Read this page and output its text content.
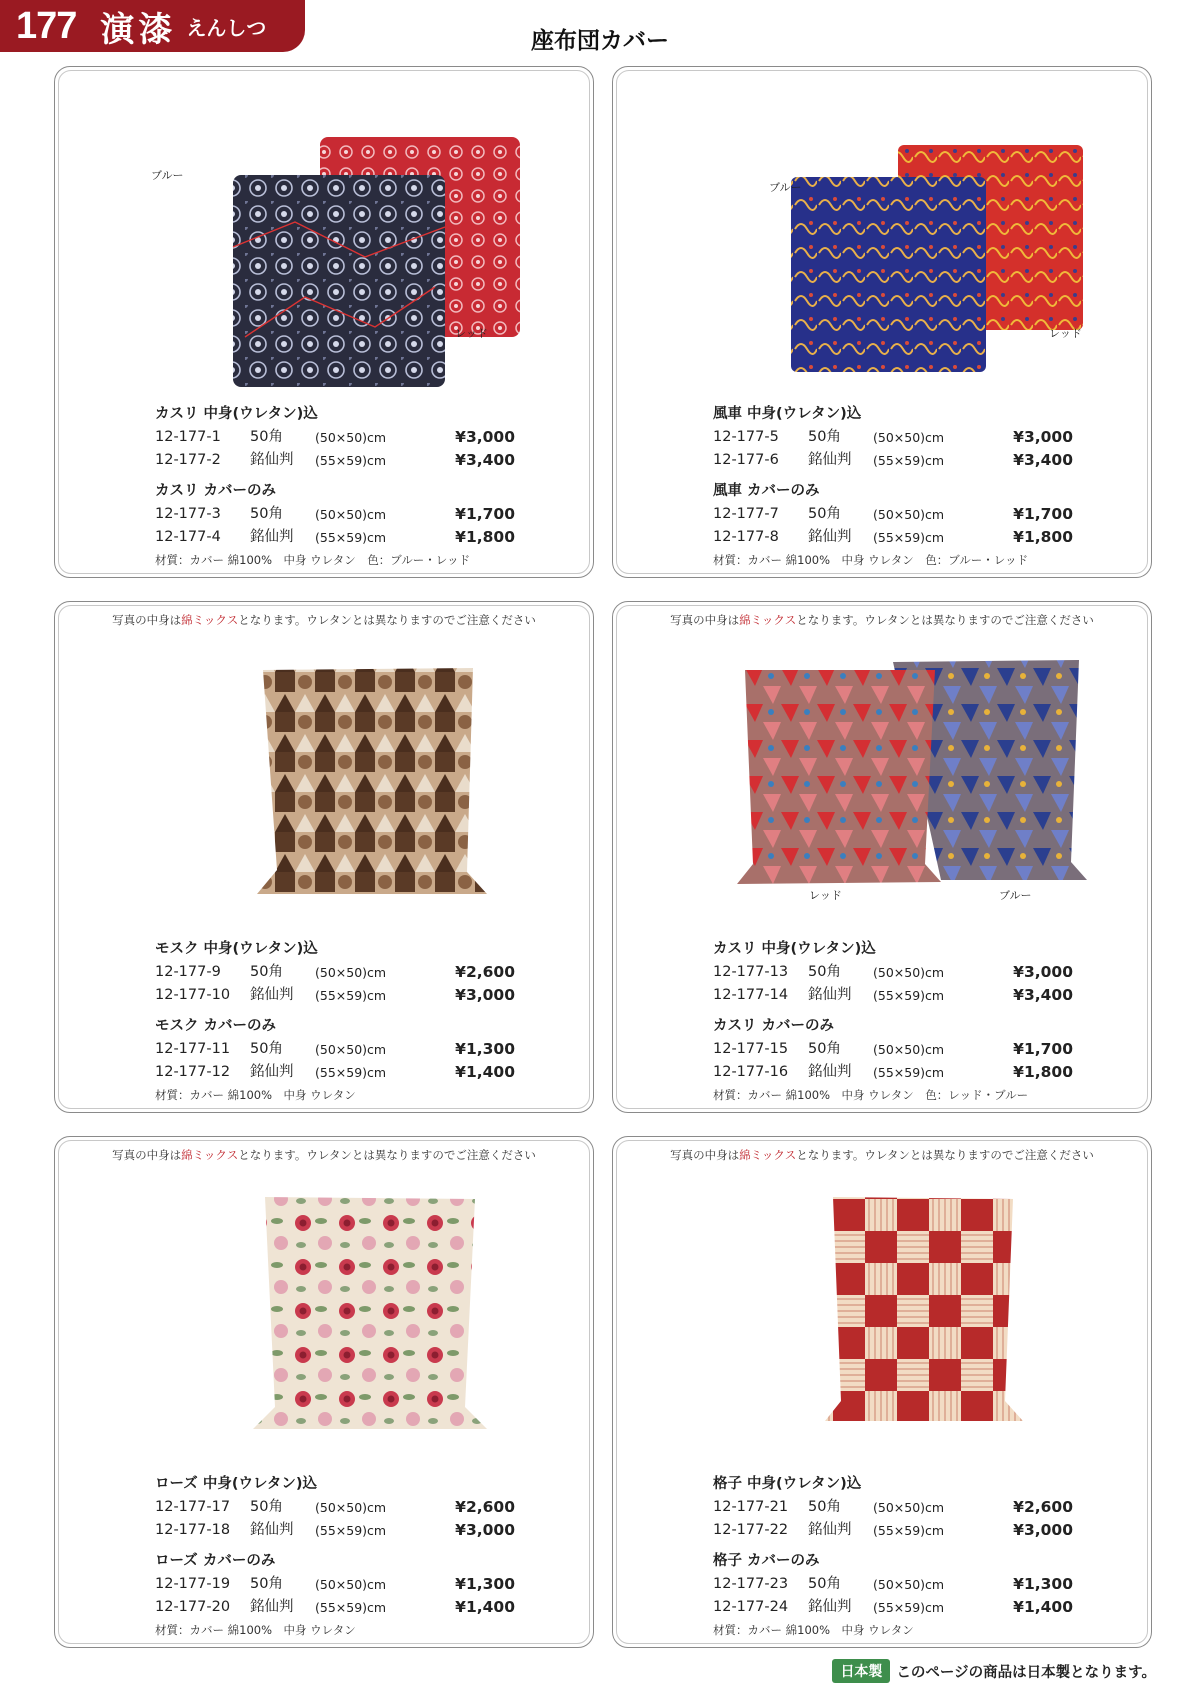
177 演漆 えんしつ	座布団カバー
ブルー
レッド
カスリ 中身(ウレタン)込
12-177-1 50角	(50×50)cm	¥3,000
12-177-2 銘仙判 (55×59)cm	¥3,400
カスリ カバーのみ
12-177-3 50角	(50×50)cm	¥1,700
12-177-4 銘仙判 (55×59)cm	¥1,800
材質：カバー 綿100%　中身 ウレタン　色：ブルー・レッド
ブルー
レッド
風車 中身(ウレタン)込
12-177-5 50角	(50×50)cm	¥3,000
12-177-6 銘仙判 (55×59)cm	¥3,400
風車 カバーのみ
12-177-7 50角	(50×50)cm	¥1,700
12-177-8 銘仙判 (55×59)cm	¥1,800
材質：カバー 綿100%　中身 ウレタン　色：ブルー・レッド
写真の中身は綿ミックスとなります。ウレタンとは異なりますのでご注意ください
モスク 中身(ウレタン)込
12-177-9 50角	(50×50)cm	¥2,600
12-177-10 銘仙判 (55×59)cm	¥3,000
モスク カバーのみ
12-177-11 50角	(50×50)cm	¥1,300
12-177-12 銘仙判 (55×59)cm	¥1,400
材質：カバー 綿100%　中身 ウレタン
写真の中身は綿ミックスとなります。ウレタンとは異なりますのでご注意ください
レッド	ブルー
カスリ 中身(ウレタン)込
12-177-13 50角	(50×50)cm	¥3,000
12-177-14 銘仙判 (55×59)cm	¥3,400
カスリ カバーのみ
12-177-15 50角	(50×50)cm	¥1,700
12-177-16 銘仙判 (55×59)cm	¥1,800
材質：カバー 綿100%　中身 ウレタン　色：レッド・ブルー
写真の中身は綿ミックスとなります。ウレタンとは異なりますのでご注意ください
ローズ 中身(ウレタン)込
12-177-17 50角	(50×50)cm	¥2,600
12-177-18 銘仙判 (55×59)cm	¥3,000
ローズ カバーのみ
12-177-19 50角	(50×50)cm	¥1,300
12-177-20 銘仙判 (55×59)cm	¥1,400
材質：カバー 綿100%　中身 ウレタン
写真の中身は綿ミックスとなります。ウレタンとは異なりますのでご注意ください
格子 中身(ウレタン)込
12-177-21 50角	(50×50)cm	¥2,600
12-177-22 銘仙判 (55×59)cm	¥3,000
格子 カバーのみ
12-177-23 50角	(50×50)cm	¥1,300
12-177-24 銘仙判 (55×59)cm	¥1,400
材質：カバー 綿100%　中身 ウレタン
日本製 このページの商品は日本製となります。
